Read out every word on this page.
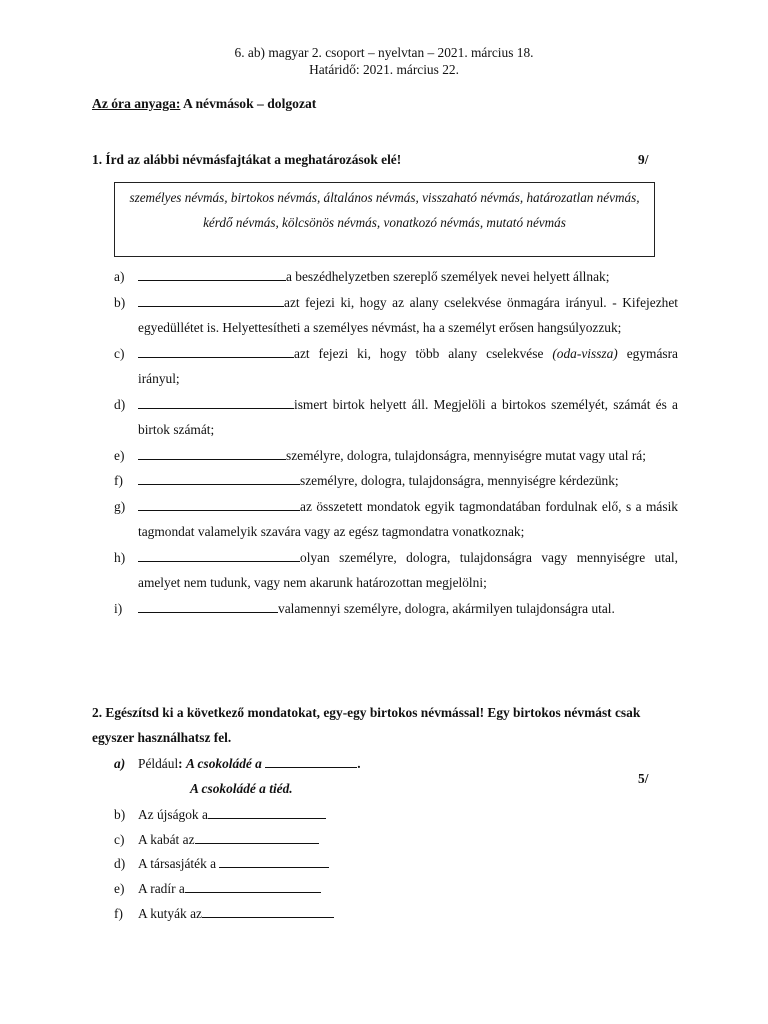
6. ab) magyar 2. csoport – nyelvtan – 2021. március 18.
Határidő: 2021. március 22.
Az óra anyaga: A névmások – dolgozat
1. Írd az alábbi névmásfajtákat a meghatározások elé!	9/
személyes névmás, birtokos névmás, általános névmás, visszaható névmás, határozatlan névmás, kérdő névmás, kölcsönös névmás, vonatkozó névmás, mutató névmás
a)	a beszédhelyzetben szereplő személyek nevei helyett állnak;
b)	azt fejezi ki, hogy az alany cselekvése önmagára irányul. - Kifejezhet egyedüllétet is. Helyettesítheti a személyes névmást, ha a személyt erősen hangsúlyozzuk;
c)	azt fejezi ki, hogy több alany cselekvése (oda-vissza) egymásra irányul;
d)	ismert birtok helyett áll. Megjelöli a birtokos személyét, számát és a birtok számát;
e)	személyre, dologra, tulajdonságra, mennyiségre mutat vagy utal rá;
f)	személyre, dologra, tulajdonságra, mennyiségre kérdezünk;
g)	az összetett mondatok egyik tagmondatában fordulnak elő, s a másik tagmondat valamelyik szavára vagy az egész tagmondatra vonatkoznak;
h)	olyan személyre, dologra, tulajdonságra vagy mennyiségre utal, amelyet nem tudunk, vagy nem akarunk határozottan megjelölni;
i)	valamennyi személyre, dologra, akármilyen tulajdonságra utal.
2. Egészítsd ki a következő mondatokat, egy-egy birtokos névmással! Egy birtokos névmást csak egyszer használhatsz fel.
a) Például: A csokoládé a	.
A csokoládé a tiéd.
b) Az újságok a
c) A kabát az
d) A társasjáték a
e) A radír a
f) A kutyák az
5/
